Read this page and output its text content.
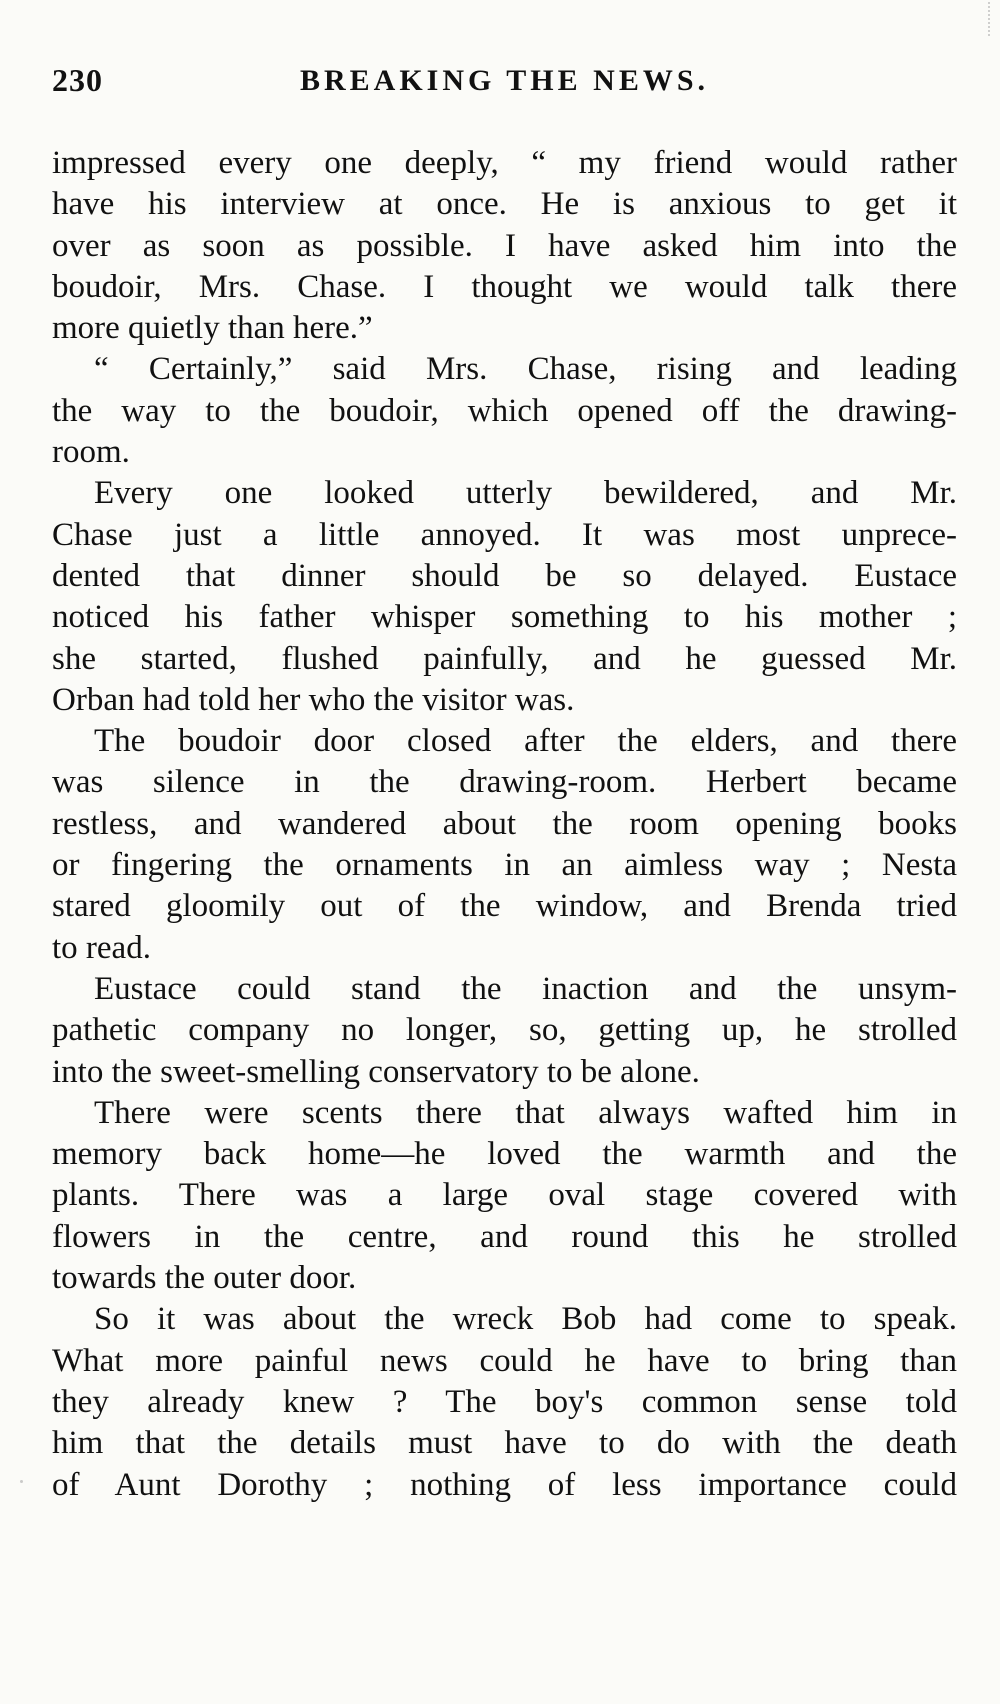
230	BREAKING THE NEWS.
impressed every one deeply, “ my friend would rather
have his interview at once. He is anxious to get it
over as soon as possible. I have asked him into the
boudoir, Mrs. Chase. I thought we would talk there
more quietly than here.”
“ Certainly,” said Mrs. Chase, rising and leading
the way to the boudoir, which opened off the drawing-
room.
Every one looked utterly bewildered, and Mr.
Chase just a little annoyed. It was most unprece-
dented that dinner should be so delayed. Eustace
noticed his father whisper something to his mother ;
she started, flushed painfully, and he guessed Mr.
Orban had told her who the visitor was.
The boudoir door closed after the elders, and there
was silence in the drawing-room. Herbert became
restless, and wandered about the room opening books
or fingering the ornaments in an aimless way ; Nesta
stared gloomily out of the window, and Brenda tried
to read.
Eustace could stand the inaction and the unsym-
pathetic company no longer, so, getting up, he strolled
into the sweet-smelling conservatory to be alone.
There were scents there that always wafted him in
memory back home—he loved the warmth and the
plants. There was a large oval stage covered with
flowers in the centre, and round this he strolled
towards the outer door.
So it was about the wreck Bob had come to speak.
What more painful news could he have to bring than
they already knew ? The boy's common sense told
him that the details must have to do with the death
of Aunt Dorothy ; nothing of less importance could
